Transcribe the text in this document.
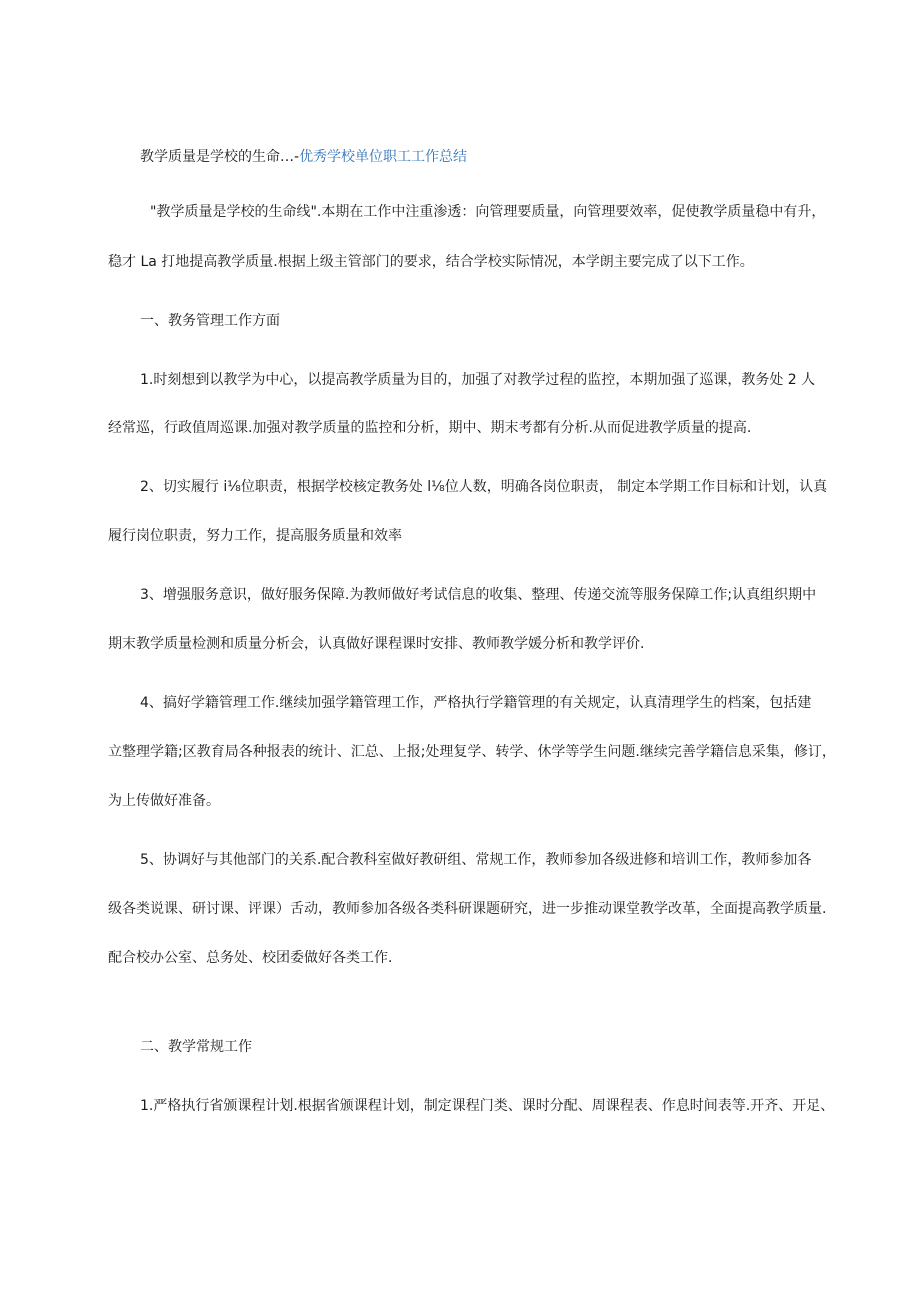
教学质量是学校的生命…-优秀学校单位职工工作总结
"教学质量是学校的生命线".本期在工作中注重渗透：向管理要质量，向管理要效率，促使教学质量稳中有升，
稳才 La 打地提高教学质量.根据上级主管部门的要求，结合学校实际情况，本学朗主要完成了以下工作。
一、教务管理工作方面
1.时刻想到以教学为中心，以提高教学质量为目的，加强了对教学过程的监控，本期加强了巡课，教务处 2 人
经常巡，行政值周巡课.加强对教学质量的监控和分析，期中、期末考都有分析.从而促进教学质量的提高.
2、切实履行 i⅛位职责，根据学校核定教务处 l⅛位人数，明确各岗位职责， 制定本学期工作目标和计划，认真
履行岗位职责，努力工作，提高服务质量和效率
3、增强服务意识，做好服务保障.为教师做好考试信息的收集、整理、传递交流等服务保障工作;认真组织期中
期末教学质量检测和质量分析会，认真做好课程课时安排、教师教学媛分析和教学评价.
4、搞好学籍管理工作.继续加强学籍管理工作，严格执行学籍管理的有关规定，认真清理学生的档案，包括建
立整理学籍;区教育局各种报表的统计、汇总、上报;处理复学、转学、休学等学生问题.继续完善学籍信息采集，修订，
为上传做好准备。
5、协调好与其他部门的关系.配合教科室做好教研组、常规工作，教师参加各级进修和培训工作，教师参加各
级各类说课、研讨课、评课）舌动，教师参加各级各类科研课题研究，进一步推动课堂教学改革，全面提高教学质量.
配合校办公室、总务处、校团委做好各类工作.
二、教学常规工作
1.严格执行省颁课程计划.根据省颁课程计划，制定课程门类、课时分配、周课程表、作息时间表等.开齐、开足、
